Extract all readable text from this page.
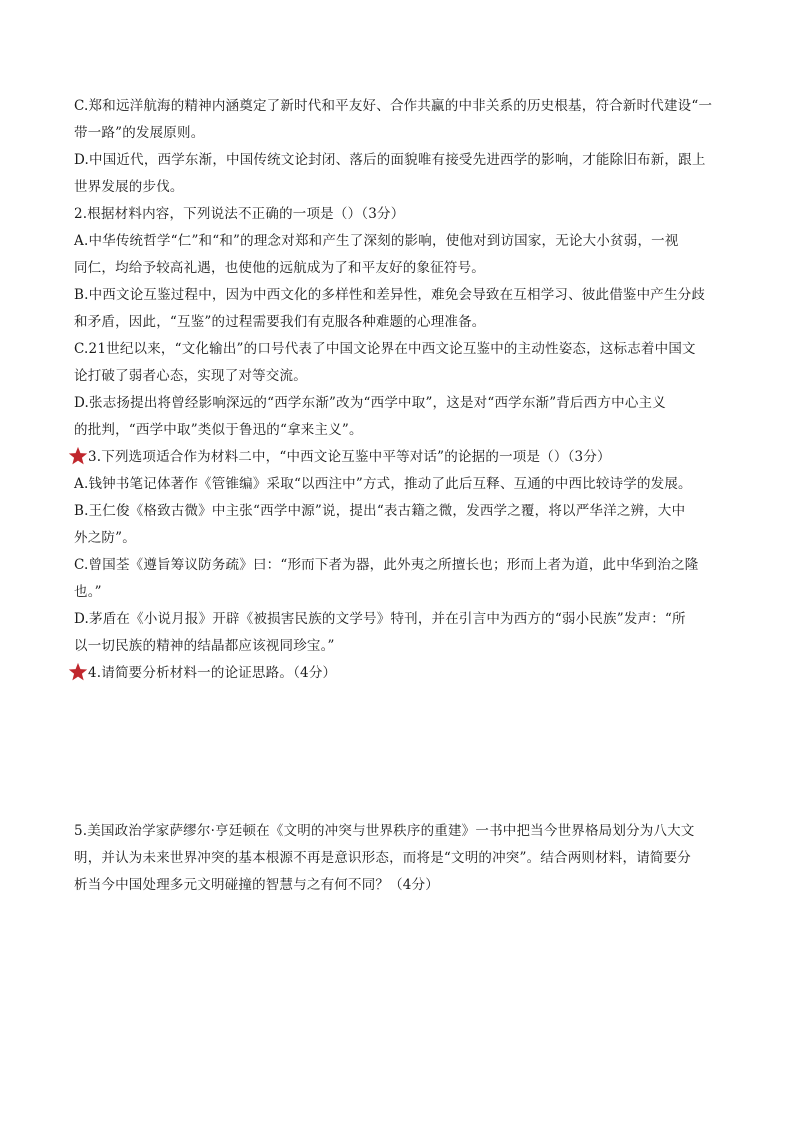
C.郑和远洋航海的精神内涵奠定了新时代和平友好、合作共赢的中非关系的历史根基，符合新时代建设“一
带一路”的发展原则。
D.中国近代，西学东渐，中国传统文论封闭、落后的面貌唯有接受先进西学的影响，才能除旧布新，跟上
世界发展的步伐。
2.根据材料内容，下列说法不正确的一项是（）（3分）
A.中华传统哲学“仁”和“和”的理念对郑和产生了深刻的影响，使他对到访国家，无论大小贫弱，一视
同仁，均给予较高礼遇，也使他的远航成为了和平友好的象征符号。
B.中西文论互鉴过程中，因为中西文化的多样性和差异性，难免会导致在互相学习、彼此借鉴中产生分歧
和矛盾，因此，“互鉴”的过程需要我们有克服各种难题的心理准备。
C.21世纪以来，“文化输出”的口号代表了中国文论界在中西文论互鉴中的主动性姿态，这标志着中国文
论打破了弱者心态，实现了对等交流。
D.张志扬提出将曾经影响深远的“西学东渐”改为“西学中取”，这是对“西学东渐”背后西方中心主义
的批判，“西学中取”类似于鲁迅的“拿来主义”。
3.下列选项适合作为材料二中，“中西文论互鉴中平等对话”的论据的一项是（）（3分）
A.钱钟书笔记体著作《管锥编》采取“以西注中”方式，推动了此后互释、互通的中西比较诗学的发展。
B.王仁俊《格致古微》中主张“西学中源”说，提出“表古籍之微，发西学之覆，将以严华洋之辨，大中
外之防”。
C.曾国荃《遵旨筹议防务疏》曰：“形而下者为器，此外夷之所擅长也；形而上者为道，此中华到治之隆
也。”
D.茅盾在《小说月报》开辟《被损害民族的文学号》特刊，并在引言中为西方的“弱小民族”发声：“所
以一切民族的精神的结晶都应该视同珍宝。”
4.请简要分析材料一的论证思路。（4分）
5.美国政治学家萨缪尔·亨廷顿在《文明的冲突与世界秩序的重建》一书中把当今世界格局划分为八大文
明，并认为未来世界冲突的基本根源不再是意识形态，而将是“文明的冲突”。结合两则材料，请简要分
析当今中国处理多元文明碰撞的智慧与之有何不同？（4分）
